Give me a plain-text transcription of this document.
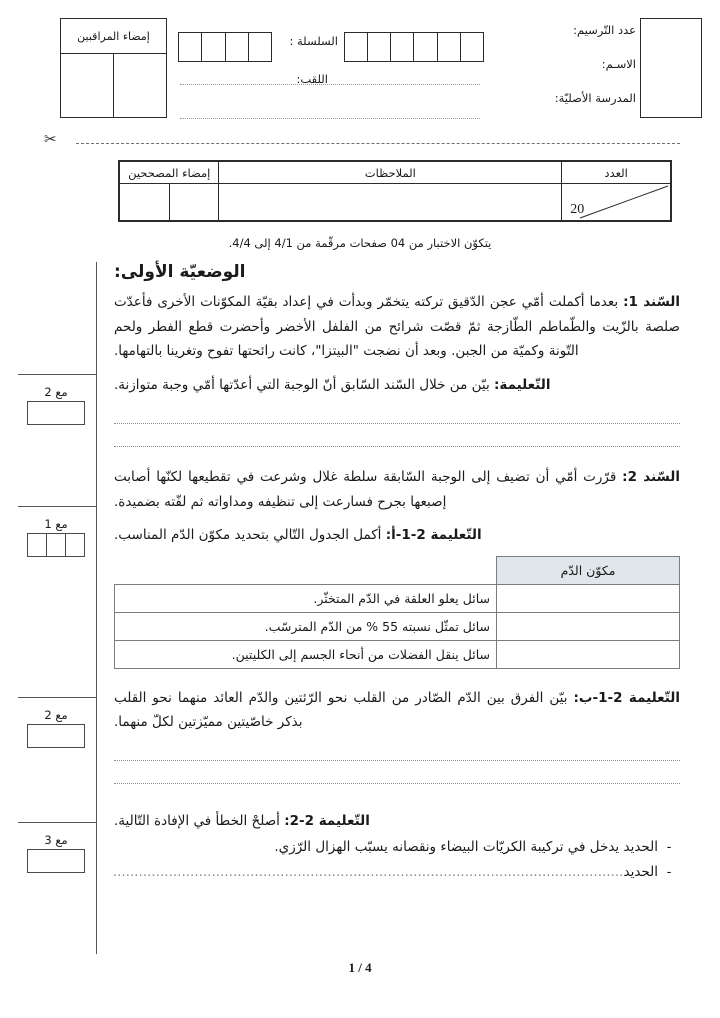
عدد التّرسيم:
الاسـم:
المدرسة الأصليّة:
السلسلة :
اللقب:
إمضاء المراقبين
✂
العدد	الملاحظات	إمضاء المصححين	

20			

يتكوّن الاختبار من 04 صفحات مرقّمة من 4/1 إلى 4/4.
مع 2
مع 1
مع 2
مع 3
الوضعيّة الأولى:

السّند 1: بعدما أكملت أمّي عجن الدّقيق تركته يتخمّر وبدأت في إعداد بقيّة المكوّنات الأخرى فأعدّت صلصة بالزّيت والطّماطم الطّازجة ثمّ قصّت شرائح من الفلفل الأخضر وأحضرت قطع الفطر ولحم التّونة وكميّة من الجبن. وبعد أن نضجت "البيتزا"، كانت رائحتها تفوح وتغرينا بالتهامها.

التّعليمة: بيّن من خلال السّند السّابق أنّ الوجبة التي أعدّتها أمّي وجبة متوازنة.

السّند 2: قرّرت أمّي أن تضيف إلى الوجبة السّابقة سلطة غلال وشرعت في تقطيعها لكنّها أصابت إصبعها بجرح فسارعت إلى تنظيفه ومداواته ثم لفّته بضميدة.

التّعليمة 2-1-أ: أكمل الجدول التّالي بتحديد مكوّن الدّم المناسب.

مكوّن الدّم	
	سائل يعلو العلقة في الدّم المتخثّر.
	سائل تمثّل نسبته 55 % من الدّم المترسّب.
	سائل ينقل الفضلات من أنحاء الجسم إلى الكليتين.

التّعليمة 2-1-ب: بيّن الفرق بين الدّم الصّادر من القلب نحو الرّئتين والدّم العائد منهما نحو القلب بذكر خاصّيتين مميّزتين لكلّ منهما.

التّعليمة 2-2: أصلحْ الخطأ في الإفادة التّالية.

-
الحديد يدخل في تركيبة الكريّات البيضاء ونقصانه يسبّب الهزال الرّزي.
-
الحديد.......................................................................................................................
4 / 1
